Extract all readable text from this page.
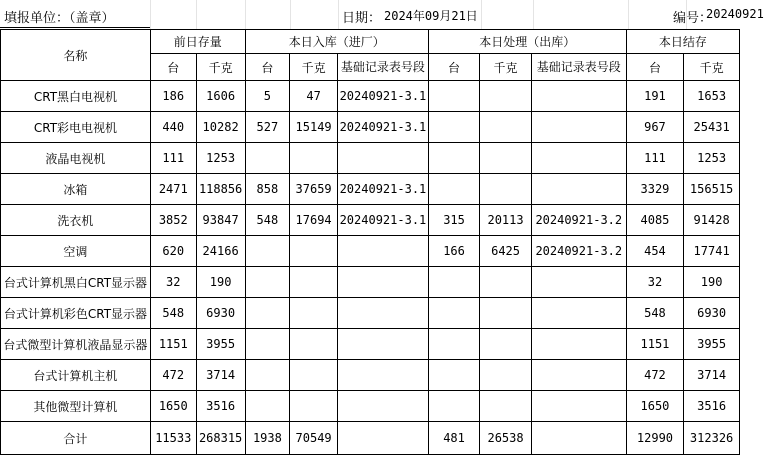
填报单位：（盖章）	日期： 2024年09月21日	编号：
20240921
名称	前日存量		本日入库（进厂）			本日处理（出库）			本日结存	
	台	千克	台	千克	基础记录表号段	台	千克	基础记录表号段	台	千克
CRT黑白电视机	186	1606	5	47	20240921-3.1				191	1653
CRT彩电电视机	440	10282	527	15149	20240921-3.1				967	25431
液晶电视机	111	1253							111	1253
冰箱	2471	118856	858	37659	20240921-3.1				3329	156515
洗衣机	3852	93847	548	17694	20240921-3.1	315	20113	20240921-3.2	4085	91428
空调	620	24166				166	6425	20240921-3.2	454	17741
台式计算机黑白CRT显示器	32	190							32	190
台式计算机彩色CRT显示器	548	6930							548	6930
台式微型计算机液晶显示器	1151	3955							1151	3955
台式计算机主机	472	3714							472	3714
其他微型计算机	1650	3516							1650	3516
合计	11533	268315	1938	70549		481	26538		12990	312326
